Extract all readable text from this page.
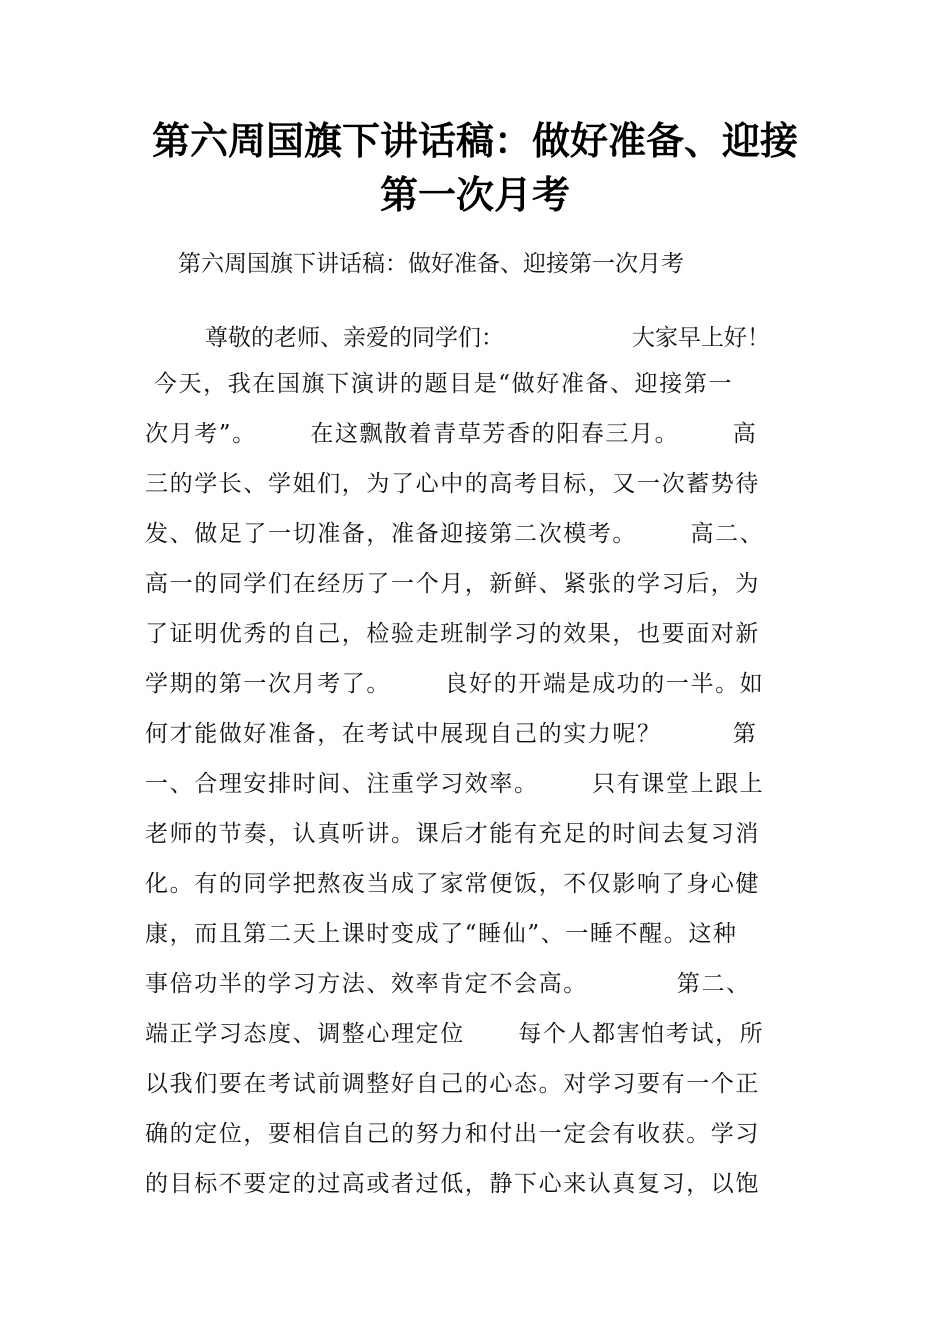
第六周国旗下讲话稿：做好准备、迎接
第一次月考

第六周国旗下讲话稿：做好准备、迎接第一次月考

尊敬的老师、亲爱的同学们：	大家早上好！

今天，我在国旗下演讲的题目是“做好准备、迎接第一
次月考”。      在这飘散着青草芳香的阳春三月。      高
三的学长、学姐们，为了心中的高考目标，又一次蓄势待
发、做足了一切准备，准备迎接第二次模考。      高二、
高一的同学们在经历了一个月，新鲜、紧张的学习后，为
了证明优秀的自己，检验走班制学习的效果，也要面对新
学期的第一次月考了。      良好的开端是成功的一半。如
何才能做好准备，在考试中展现自己的实力呢？        第
一、合理安排时间、注重学习效率。      只有课堂上跟上
老师的节奏，认真听讲。课后才能有充足的时间去复习消
化。有的同学把熬夜当成了家常便饭，不仅影响了身心健
康，而且第二天上课时变成了“睡仙”、一睡不醒。这种
事倍功半的学习方法、效率肯定不会高。          第二、
端正学习态度、调整心理定位      每个人都害怕考试，所
以我们要在考试前调整好自己的心态。对学习要有一个正
确的定位，要相信自己的努力和付出一定会有收获。学习
的目标不要定的过高或者过低，静下心来认真复习，以饱
